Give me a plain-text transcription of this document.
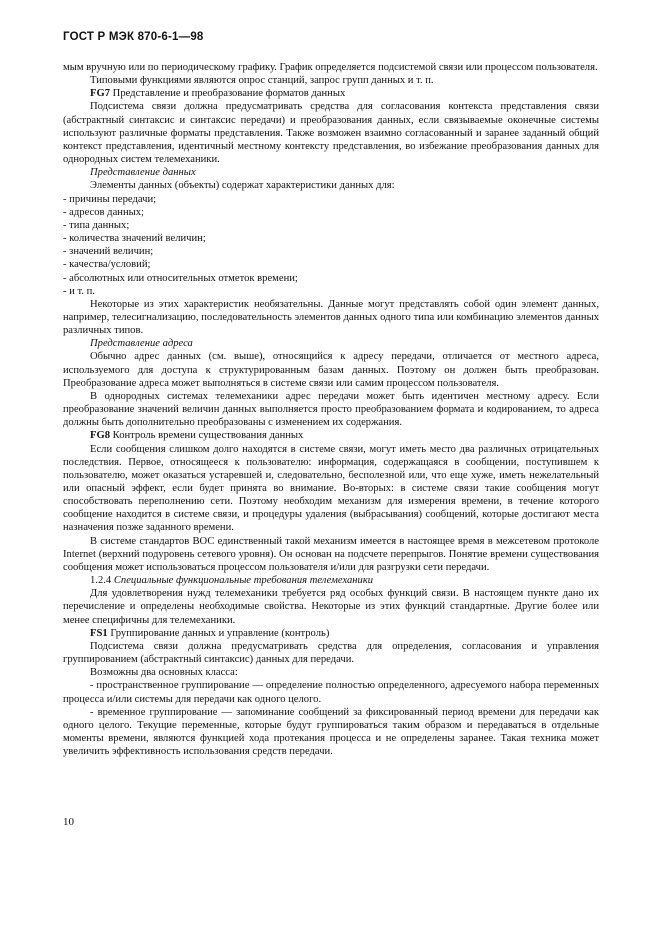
ГОСТ Р МЭК 870-6-1—98

мым вручную или по периодическому графику. График определяется подсистемой связи или процессом пользователя.

Типовыми функциями являются опрос станций, запрос групп данных и т. п.

FG7 Представление и преобразование форматов данных

Подсистема связи должна предусматривать средства для согласования контекста представления связи (абстрактный синтаксис и синтаксис передачи) и преобразования данных, если связываемые оконечные системы используют различные форматы представления. Также возможен взаимно согласованный и заранее заданный общий контекст представления, идентичный местному контексту представления, во избежание преобразования данных для однородных систем телемеханики.

Представление данных

Элементы данных (объекты) содержат характеристики данных для:

- причины передачи;

- адресов данных;

- типа данных;

- количества значений величин;

- значений величин;

- качества/условий;

- абсолютных или относительных отметок времени;

- и т. п.

Некоторые из этих характеристик необязательны. Данные могут представлять собой один элемент данных, например, телесигнализацию, последовательность элементов данных одного типа или комбинацию элементов данных различных типов.

Представление адреса

Обычно адрес данных (см. выше), относящийся к адресу передачи, отличается от местного адреса, используемого для доступа к структурированным базам данных. Поэтому он должен быть преобразован. Преобразование адреса может выполняться в системе связи или самим процессом пользователя.

В однородных системах телемеханики адрес передачи может быть идентичен местному адресу. Если преобразование значений величин данных выполняется просто преобразованием формата и кодированием, то адреса должны быть дополнительно преобразованы с изменением их содержания.

FG8 Контроль времени существования данных

Если сообщения слишком долго находятся в системе связи, могут иметь место два различных отрицательных последствия. Первое, относящееся к пользователю: информация, содержащаяся в сообщении, поступившем к пользователю, может оказаться устаревшей и, следовательно, бесполезной или, что еще хуже, иметь нежелательный или опасный эффект, если будет принята во внимание. Во-вторых: в системе связи такие сообщения могут способствовать переполнению сети. Поэтому необходим механизм для измерения времени, в течение которого сообщение находится в системе связи, и процедуры удаления (выбрасывания) сообщений, которые достигают места назначения позже заданного времени.

В системе стандартов ВОС единственный такой механизм имеется в настоящее время в межсетевом протоколе Internet (верхний подуровень сетевого уровня). Он основан на подсчете перепрыгов. Понятие времени существования сообщения может использоваться процессом пользователя и/или для разгрузки сети передачи.

1.2.4 Специальные функциональные требования телемеханики

Для удовлетворения нужд телемеханики требуется ряд особых функций связи. В настоящем пункте дано их перечисление и определены необходимые свойства. Некоторые из этих функций стандартные. Другие более или менее специфичны для телемеханики.

FS1 Группирование данных и управление (контроль)

Подсистема связи должна предусматривать средства для определения, согласования и управления группированием (абстрактный синтаксис) данных для передачи.

Возможны два основных класса:

- пространственное группирование — определение полностью определенного, адресуемого набора переменных процесса и/или системы для передачи как одного целого.

- временное группирование — запоминание сообщений за фиксированный период времени для передачи как одного целого. Текущие переменные, которые будут группироваться таким образом и передаваться в отдельные моменты времени, являются функцией хода протекания процесса и не определены заранее. Такая техника может увеличить эффективность использования средств передачи.

10
